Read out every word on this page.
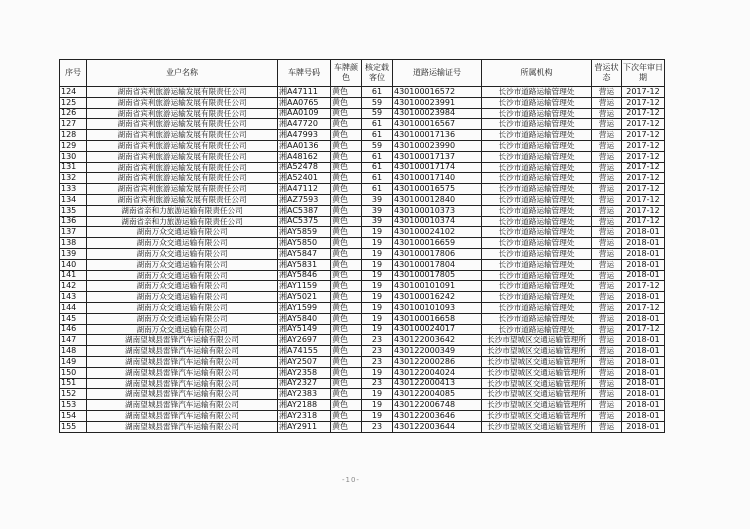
序号	业户名称	车牌号码	车牌颜色	核定载客位	道路运输证号	所属机构	营运状态	下次年审日期
124	湖南省宾利旅游运输发展有限责任公司	湘A47111	黄色	61	430100016572	长沙市道路运输管理处	营运	2017-12
125	湖南省宾利旅游运输发展有限责任公司	湘AA0765	黄色	59	430100023991	长沙市道路运输管理处	营运	2017-12
126	湖南省宾利旅游运输发展有限责任公司	湘AA0109	黄色	59	430100023984	长沙市道路运输管理处	营运	2017-12
127	湖南省宾利旅游运输发展有限责任公司	湘A47720	黄色	61	430100016567	长沙市道路运输管理处	营运	2017-12
128	湖南省宾利旅游运输发展有限责任公司	湘A47993	黄色	61	430100017136	长沙市道路运输管理处	营运	2017-12
129	湖南省宾利旅游运输发展有限责任公司	湘AA0136	黄色	59	430100023990	长沙市道路运输管理处	营运	2017-12
130	湖南省宾利旅游运输发展有限责任公司	湘A48162	黄色	61	430100017137	长沙市道路运输管理处	营运	2017-12
131	湖南省宾利旅游运输发展有限责任公司	湘A52478	黄色	61	430100017174	长沙市道路运输管理处	营运	2017-12
132	湖南省宾利旅游运输发展有限责任公司	湘A52401	黄色	61	430100017140	长沙市道路运输管理处	营运	2017-12
133	湖南省宾利旅游运输发展有限责任公司	湘A47112	黄色	61	430100016575	长沙市道路运输管理处	营运	2017-12
134	湖南省宾利旅游运输发展有限责任公司	湘AZ7593	黄色	39	430100012840	长沙市道路运输管理处	营运	2017-12
135	湖南省亲和力旅游运输有限责任公司	湘AC5387	黄色	39	430100010373	长沙市道路运输管理处	营运	2017-12
136	湖南省亲和力旅游运输有限责任公司	湘AC5375	黄色	39	430100010374	长沙市道路运输管理处	营运	2017-12
137	湖南万众交通运输有限公司	湘AY5859	黄色	19	430100024102	长沙市道路运输管理处	营运	2018-01
138	湖南万众交通运输有限公司	湘AY5850	黄色	19	430100016659	长沙市道路运输管理处	营运	2018-01
139	湖南万众交通运输有限公司	湘AY5847	黄色	19	430100017806	长沙市道路运输管理处	营运	2018-01
140	湖南万众交通运输有限公司	湘AY5831	黄色	19	430100017804	长沙市道路运输管理处	营运	2018-01
141	湖南万众交通运输有限公司	湘AY5846	黄色	19	430100017805	长沙市道路运输管理处	营运	2018-01
142	湖南万众交通运输有限公司	湘AY1159	黄色	19	430100101091	长沙市道路运输管理处	营运	2017-12
143	湖南万众交通运输有限公司	湘AY5021	黄色	19	430100016242	长沙市道路运输管理处	营运	2018-01
144	湖南万众交通运输有限公司	湘AY1599	黄色	19	430100101093	长沙市道路运输管理处	营运	2017-12
145	湖南万众交通运输有限公司	湘AY5840	黄色	19	430100016658	长沙市道路运输管理处	营运	2018-01
146	湖南万众交通运输有限公司	湘AY5149	黄色	19	430100024017	长沙市道路运输管理处	营运	2017-12
147	湖南望城县雷锋汽车运输有限公司	湘AY2697	黄色	23	430122003642	长沙市望城区交通运输管理所	营运	2018-01
148	湖南望城县雷锋汽车运输有限公司	湘A74155	黄色	23	430122000349	长沙市望城区交通运输管理所	营运	2018-01
149	湖南望城县雷锋汽车运输有限公司	湘AY2507	黄色	23	430122000286	长沙市望城区交通运输管理所	营运	2018-01
150	湖南望城县雷锋汽车运输有限公司	湘AY2358	黄色	19	430122004024	长沙市望城区交通运输管理所	营运	2018-01
151	湖南望城县雷锋汽车运输有限公司	湘AY2327	黄色	23	430122000413	长沙市望城区交通运输管理所	营运	2018-01
152	湖南望城县雷锋汽车运输有限公司	湘AY2383	黄色	19	430122004085	长沙市望城区交通运输管理所	营运	2018-01
153	湖南望城县雷锋汽车运输有限公司	湘AY2188	黄色	19	430122006748	长沙市望城区交通运输管理所	营运	2018-01
154	湖南望城县雷锋汽车运输有限公司	湘AY2318	黄色	19	430122003646	长沙市望城区交通运输管理所	营运	2018-01
155	湖南望城县雷锋汽车运输有限公司	湘AY2911	黄色	23	430122003644	长沙市望城区交通运输管理所	营运	2018-01
-10-
